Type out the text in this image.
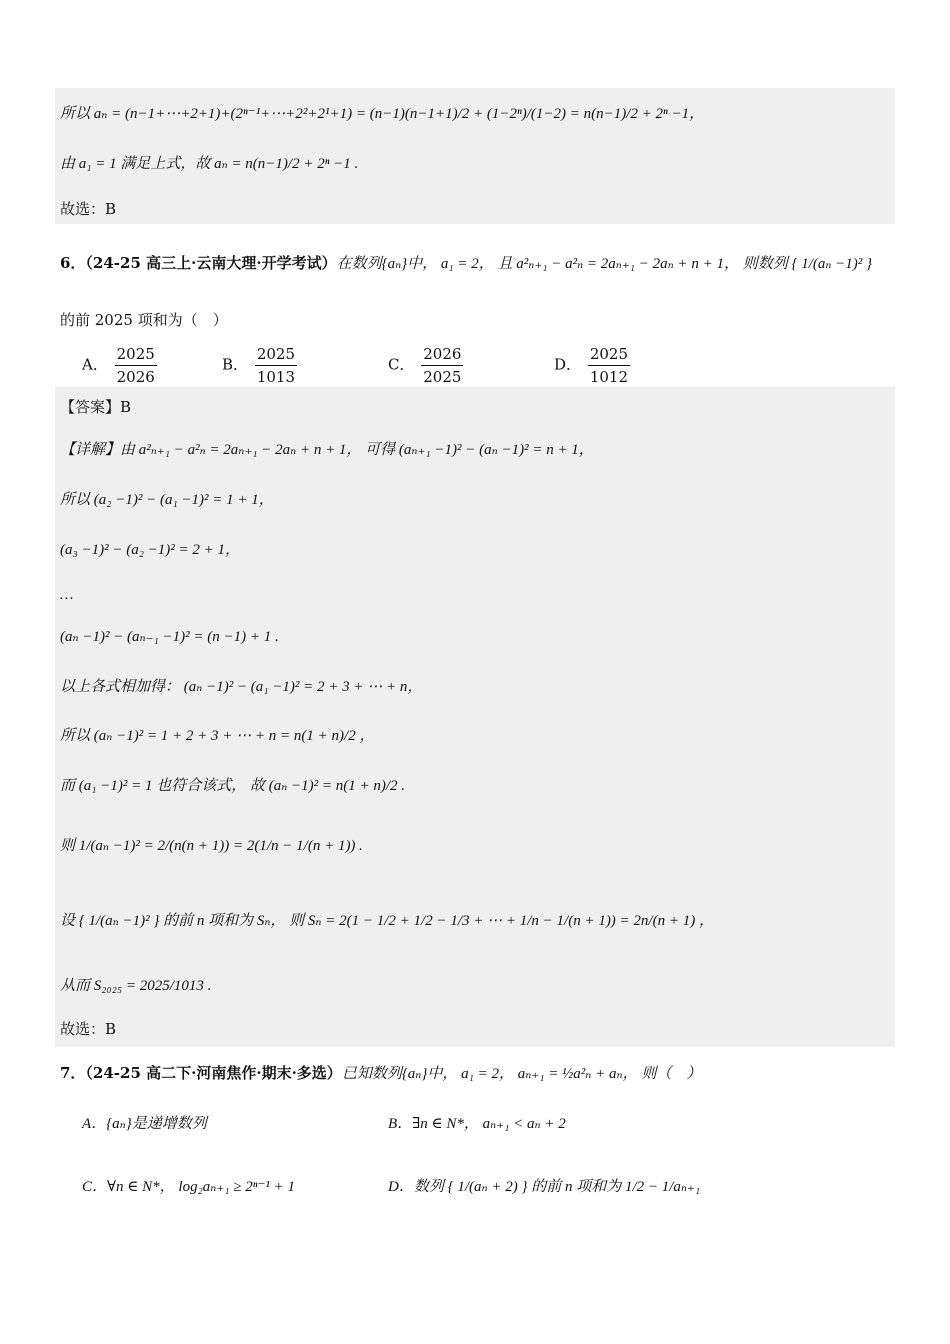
所以 aₙ = (n−1+⋯+2+1)+(2ⁿ⁻¹+⋯+2²+2¹+1) = (n−1)(n−1+1)/2 + (1−2ⁿ)/(1−2) = n(n−1)/2 + 2ⁿ −1，
由 a₁ = 1 满足上式，故 aₙ = n(n−1)/2 + 2ⁿ −1 .
故选：B
6．（24-25 高三上·云南大理·开学考试）在数列{aₙ}中， a₁ = 2， 且 a²ₙ₊₁ − a²ₙ = 2aₙ₊₁ − 2aₙ + n + 1， 则数列 { 1/(aₙ −1)² }
的前 2025 项和为（　）
A． $\frac{2025}{2026}$	B． $\frac{2025}{1013}$	C． $\frac{2026}{2025}$	D． $\frac{2025}{1012}$
【答案】B
【详解】由 a²ₙ₊₁ − a²ₙ = 2aₙ₊₁ − 2aₙ + n + 1， 可得 (aₙ₊₁ −1)² − (aₙ −1)² = n + 1，
所以 (a₂ −1)² − (a₁ −1)² = 1 + 1，
(a₃ −1)² − (a₂ −1)² = 2 + 1，
…
(aₙ −1)² − (aₙ₋₁ −1)² = (n −1) + 1 .
以上各式相加得： (aₙ −1)² − (a₁ −1)² = 2 + 3 + ⋯ + n，
所以 (aₙ −1)² = 1 + 2 + 3 + ⋯ + n = n(1 + n)/2 ，
而 (a₁ −1)² = 1 也符合该式， 故 (aₙ −1)² = n(1 + n)/2 .
则 1/(aₙ −1)² = 2/(n(n + 1)) = 2(1/n − 1/(n + 1)) .
设 { 1/(aₙ −1)² } 的前 n 项和为 Sₙ， 则 Sₙ = 2(1 − 1/2 + 1/2 − 1/3 + ⋯ + 1/n − 1/(n + 1)) = 2n/(n + 1) ，
从而 S₂₀₂₅ = 2025/1013 .
故选：B
7．（24-25 高二下·河南焦作·期末·多选）已知数列{aₙ}中， a₁ = 2， aₙ₊₁ = ½a²ₙ + aₙ， 则（　）
A．{aₙ}是递增数列	B．∃n ∈ N*， aₙ₊₁ < aₙ + 2
C．∀n ∈ N*， log₂aₙ₊₁ ≥ 2ⁿ⁻¹ + 1	D．数列 { 1/(aₙ + 2) } 的前 n 项和为 1/2 − 1/aₙ₊₁
